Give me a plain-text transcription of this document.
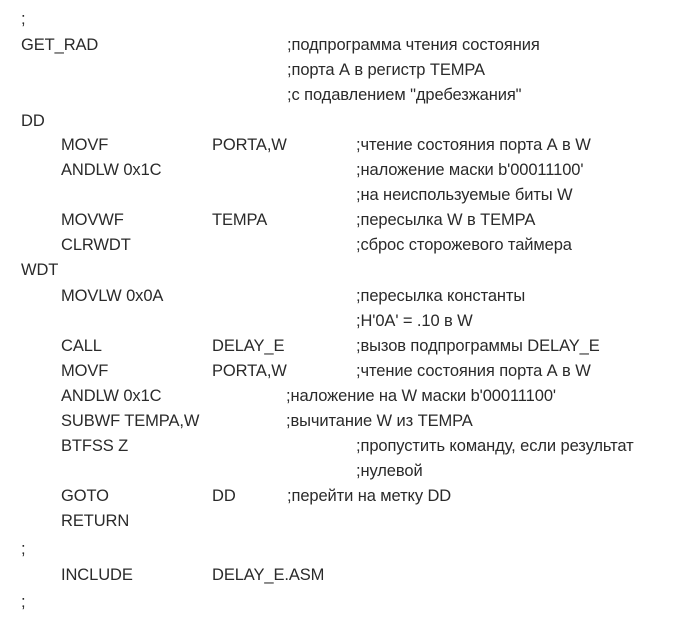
;
GET_RAD	;подпрограмма чтения состояния
;порта А в регистр TEMPA
;с подавлением "дребезжания"
DD
MOVF	PORTA,W	;чтение состояния порта А в W
ANDLW 0x1C	;наложение маски b'00011100'
;на неиспользуемые биты W
MOVWF	TEMPA	;пересылка W в TEMPA
CLRWDT	;сброс сторожевого таймера
WDT
MOVLW 0x0A	;пересылка константы
;H'0A' = .10 в W
CALL	DELAY_E	;вызов подпрограммы DELAY_E
MOVF	PORTA,W	;чтение состояния порта А в W
ANDLW 0x1C	;наложение на W маски b'00011100'
SUBWF TEMPA,W	;вычитание W из TEMPA
BTFSS Z	;пропустить команду, если результат
;нулевой
GOTO	DD	;перейти на метку DD
RETURN
;
INCLUDE	DELAY_E.ASM
;
